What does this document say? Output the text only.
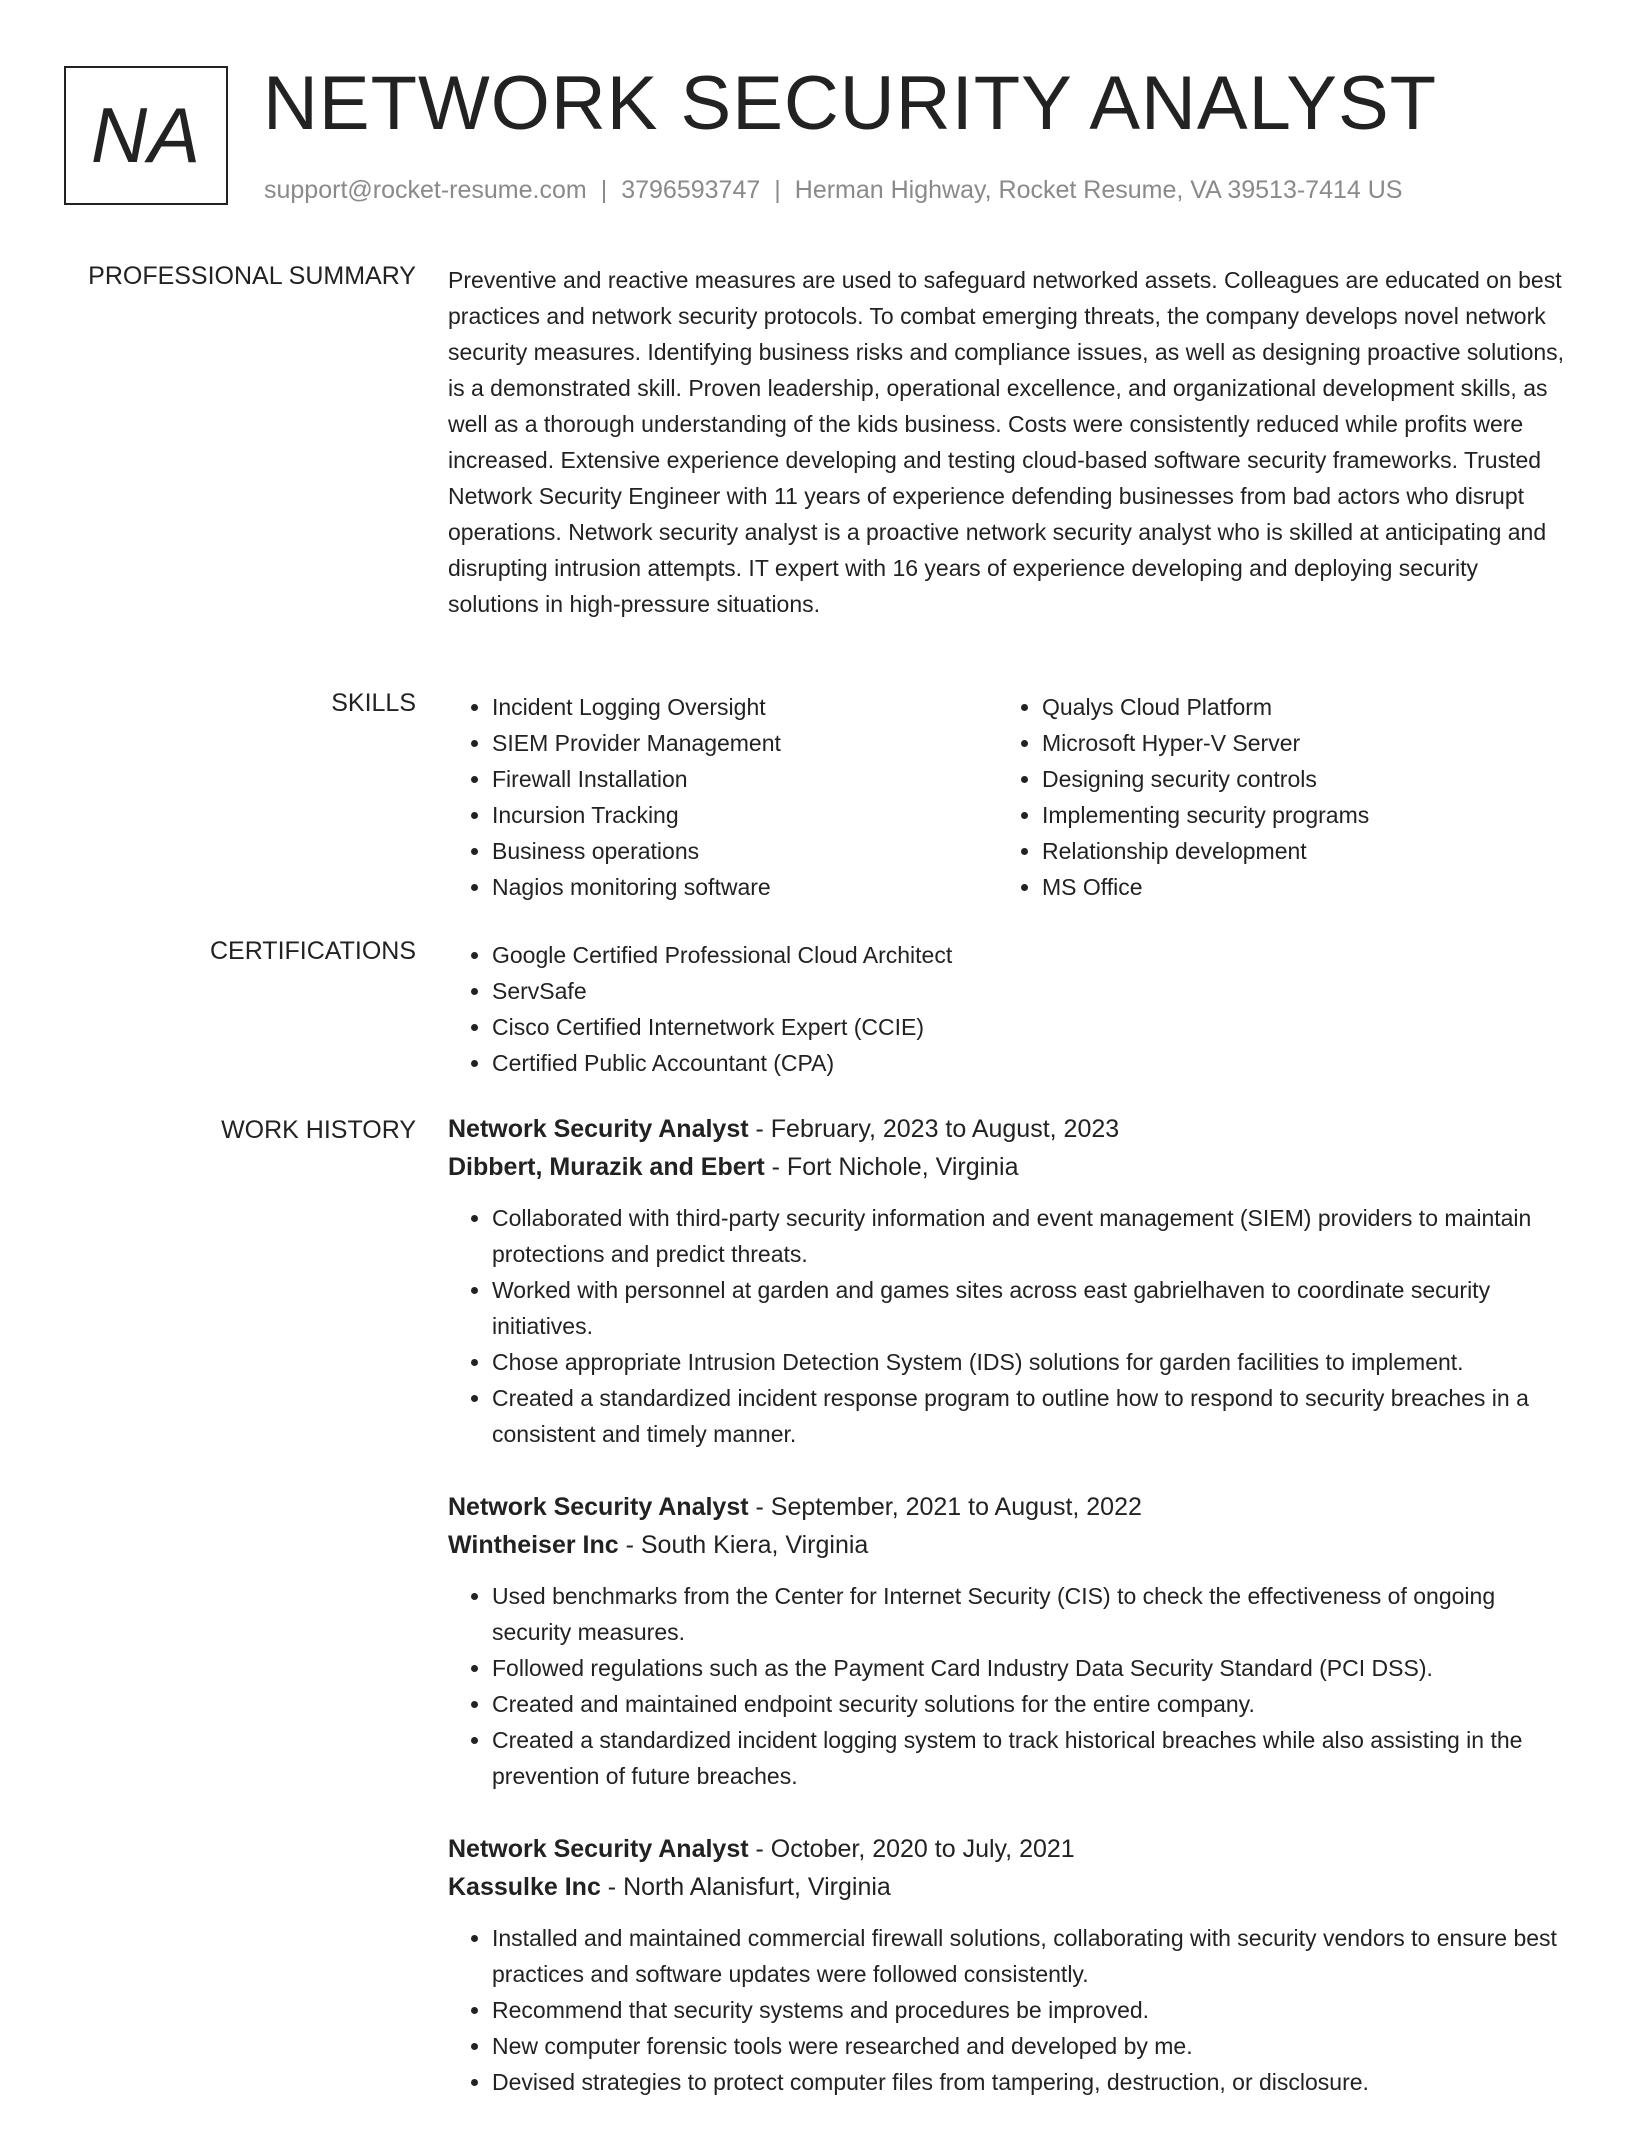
NA NETWORK SECURITY ANALYST
support@rocket-resume.com | 3796593747 | Herman Highway, Rocket Resume, VA 39513-7414 US
PROFESSIONAL SUMMARY Preventive and reactive measures are used to safeguard networked assets. Colleagues are educated on best practices and network security protocols. To combat emerging threats, the company develops novel network security measures. Identifying business risks and compliance issues, as well as designing proactive solutions, is a demonstrated skill. Proven leadership, operational excellence, and organizational development skills, as well as a thorough understanding of the kids business. Costs were consistently reduced while profits were increased. Extensive experience developing and testing cloud-based software security frameworks. Trusted Network Security Engineer with 11 years of experience defending businesses from bad actors who disrupt operations. Network security analyst is a proactive network security analyst who is skilled at anticipating and disrupting intrusion attempts. IT expert with 16 years of experience developing and deploying security solutions in high-pressure situations.

SKILLS	• Incident Logging Oversight
• SIEM Provider Management
• Firewall Installation
• Incursion Tracking
• Business operations
• Nagios monitoring software
• Qualys Cloud Platform
• Microsoft Hyper-V Server
• Designing security controls
• Implementing security programs
• Relationship development
• MS Office
CERTIFICATIONS	• Google Certified Professional Cloud Architect
• ServSafe
• Cisco Certified Internetwork Expert (CCIE)
• Certified Public Accountant (CPA)
WORK HISTORY Network Security Analyst - February, 2023 to August, 2023

Dibbert, Murazik and Ebert - Fort Nichole, Virginia

• Collaborated with third-party security information and event management (SIEM) providers to maintain protections and predict threats.
• Worked with personnel at garden and games sites across east gabrielhaven to coordinate security initiatives.
• Chose appropriate Intrusion Detection System (IDS) solutions for garden facilities to implement.
• Created a standardized incident response program to outline how to respond to security breaches in a consistent and timely manner.

Network Security Analyst - September, 2021 to August, 2022

Wintheiser Inc - South Kiera, Virginia

• Used benchmarks from the Center for Internet Security (CIS) to check the effectiveness of ongoing security measures.
• Followed regulations such as the Payment Card Industry Data Security Standard (PCI DSS).
• Created and maintained endpoint security solutions for the entire company.
• Created a standardized incident logging system to track historical breaches while also assisting in the prevention of future breaches.

Network Security Analyst - October, 2020 to July, 2021

Kassulke Inc - North Alanisfurt, Virginia

• Installed and maintained commercial firewall solutions, collaborating with security vendors to ensure best practices and software updates were followed consistently.
• Recommend that security systems and procedures be improved.
• New computer forensic tools were researched and developed by me.
• Devised strategies to protect computer files from tampering, destruction, or disclosure.
